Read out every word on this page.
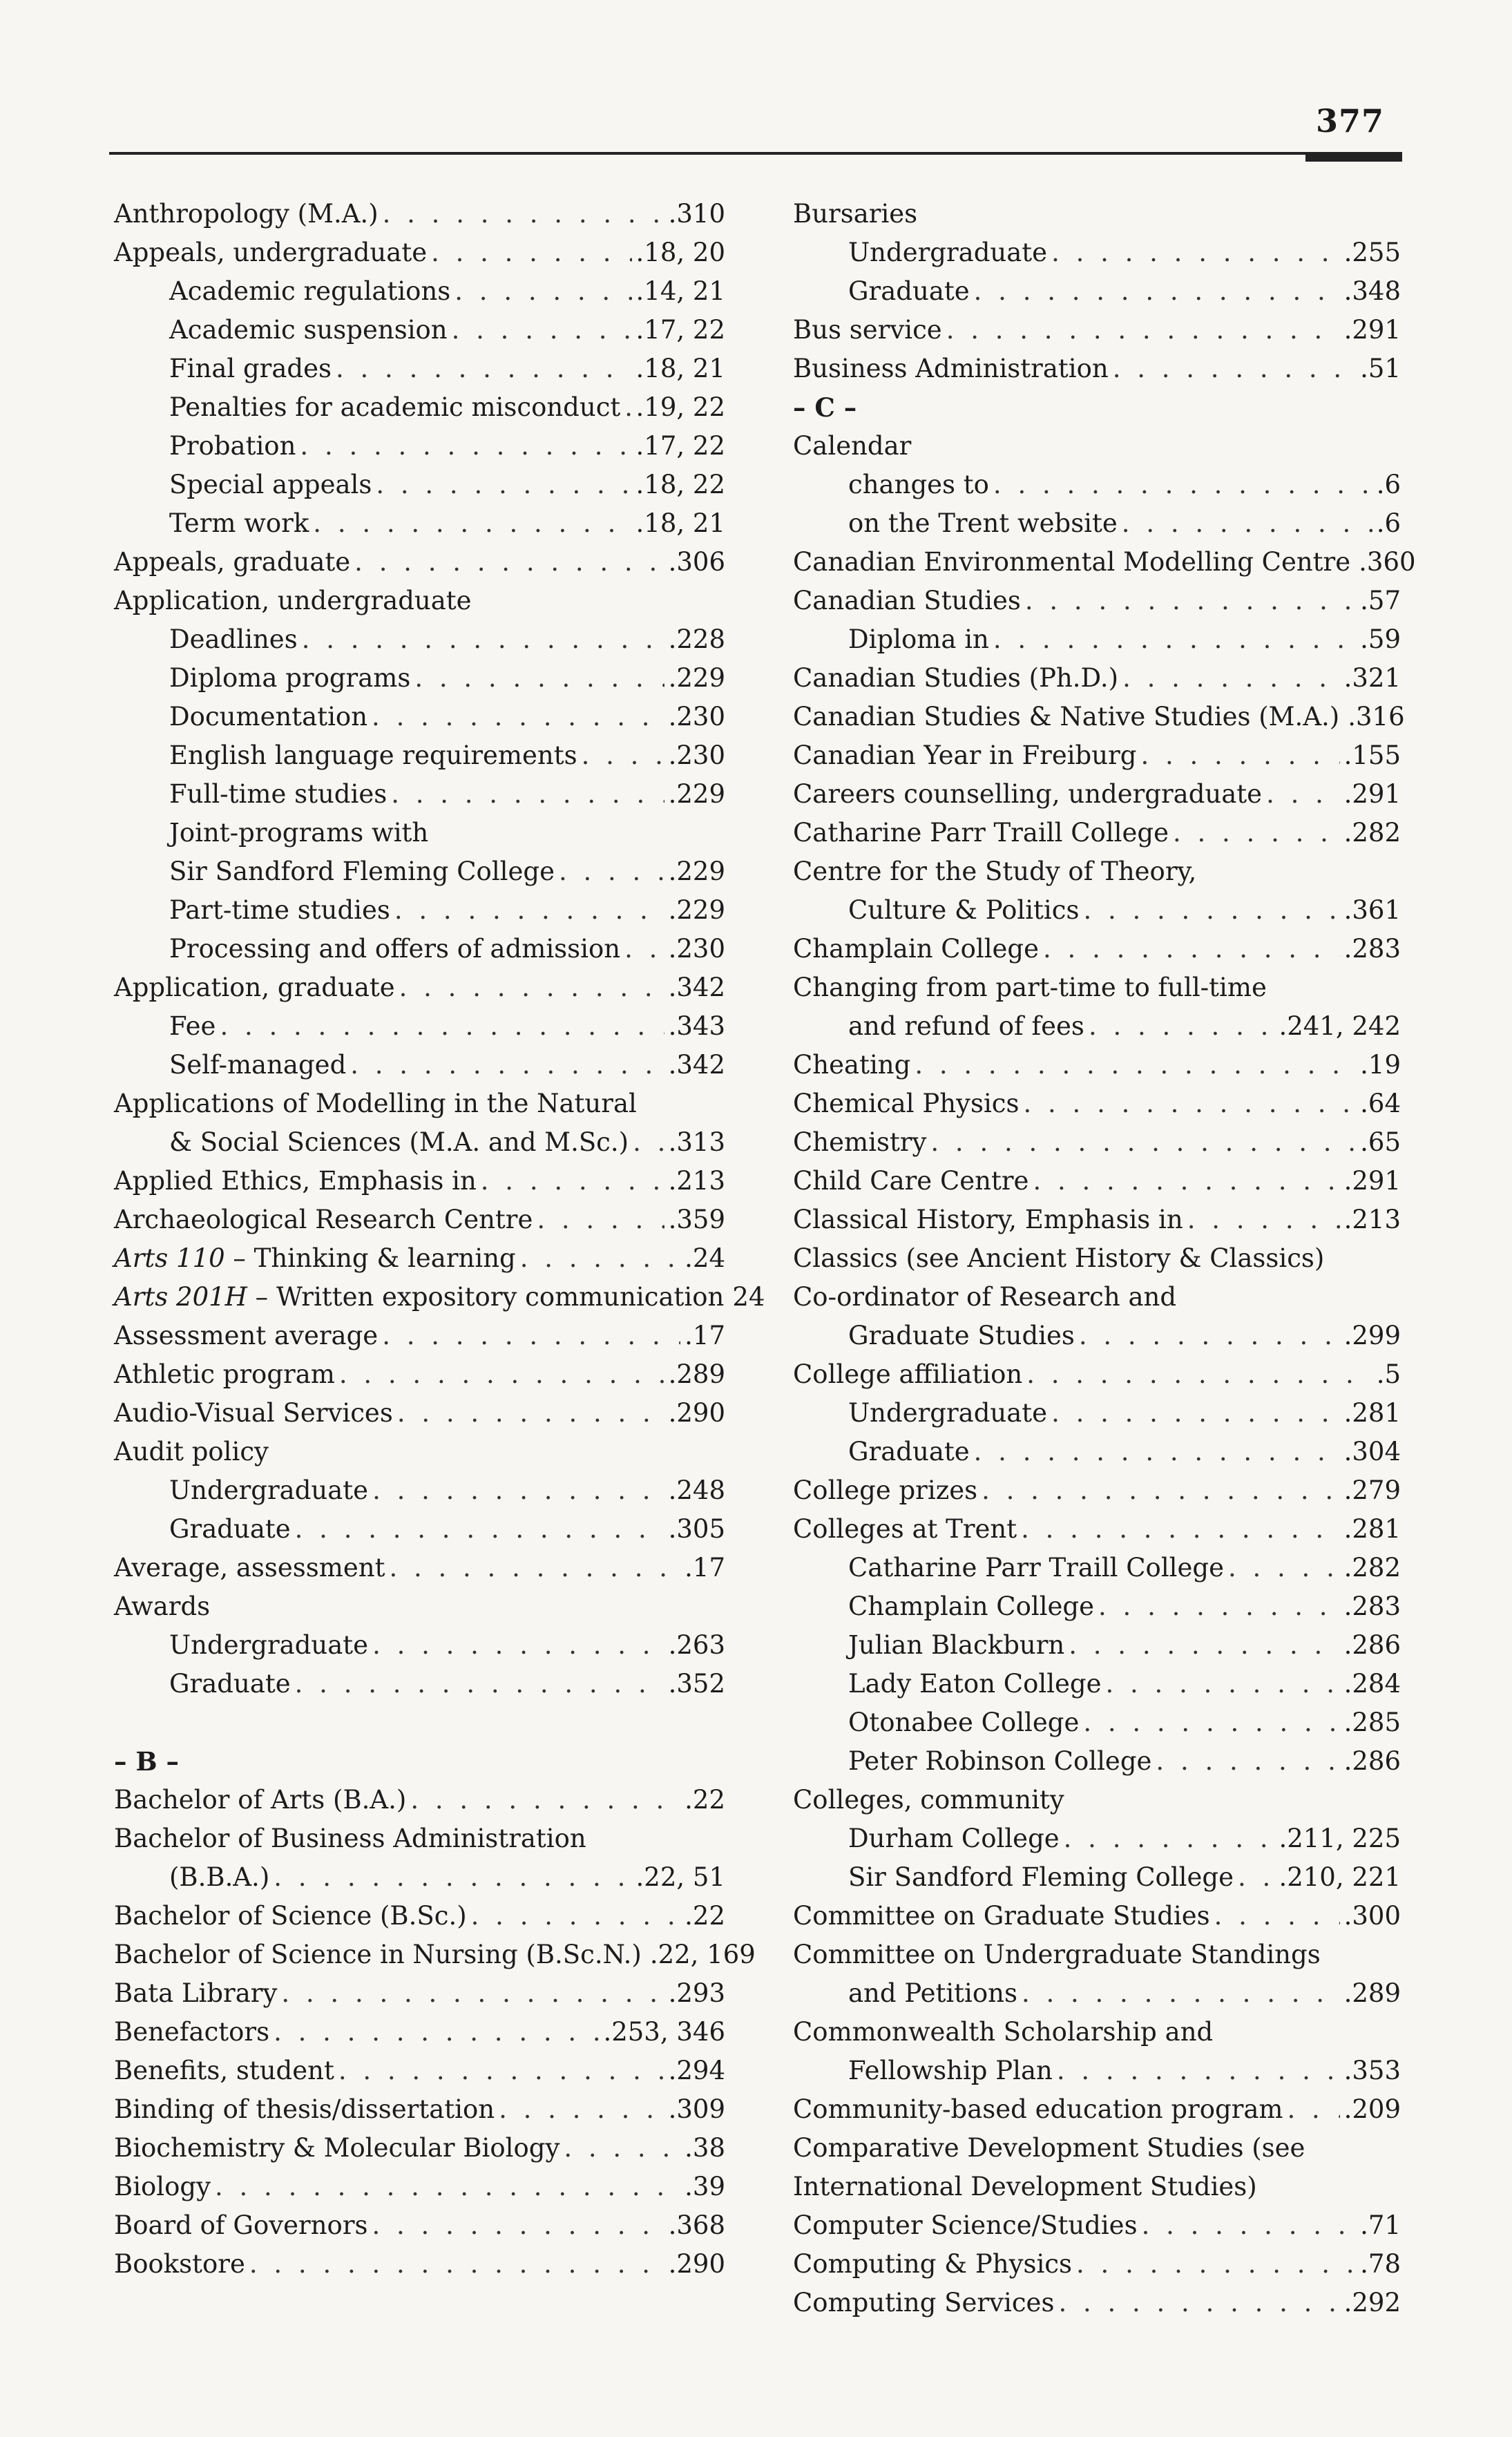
377
Anthropology (M.A.) . . .	.310
Appeals, undergraduate . . .	.18, 20
Academic regulations . . .	.14, 21
Academic suspension . . .	.17, 22
Final grades . . .	.18, 21
Penalties for academic misconduct . . . .19, 22
Probation . . .	.17, 22
Special appeals . . .	.18, 22
Term work . . .	.18, 21
Appeals, graduate . . .	.306
Application, undergraduate
Deadlines . . .	.228
Diploma programs . . .	.229
Documentation . . .	.230
English language requirements . . .	.230
Full-time studies . . .	.229
Joint-programs with
Sir Sandford Fleming College . . .	.229
Part-time studies . . .	.229
Processing and offers of admission . . . .230
Application, graduate . . .	.342
Fee . . .	.343
Self-managed . . .	.342
Applications of Modelling in the Natural
& Social Sciences (M.A. and M.Sc.) . . . .313
Applied Ethics, Emphasis in . . .	.213
Archaeological Research Centre . . .	.359
Arts 110 – Thinking & learning . . .	.24
Arts 201H – Written expository communication 24
Assessment average . . .	.17
Athletic program . . .	.289
Audio-Visual Services . . .	.290
Audit policy
Undergraduate . . .	.248
Graduate . . .	.305
Average, assessment . . .	.17
Awards
Undergraduate . . .	.263
Graduate . . .	.352
– B –
Bachelor of Arts (B.A.) . . .	.22
Bachelor of Business Administration
(B.B.A.) . . .	.22, 51
Bachelor of Science (B.Sc.) . . .	.22
Bachelor of Science in Nursing (B.Sc.N.) .22, 169
Bata Library . . .	.293
Benefactors . . .	.253, 346
Benefits, student . . .	.294
Binding of thesis/dissertation . . .	.309
Biochemistry & Molecular Biology . . .	.38
Biology . . .	.39
Board of Governors . . .	.368
Bookstore . . .	.290
Bursaries
Undergraduate . . .	.255
Graduate . . .	.348
Bus service . . .	.291
Business Administration . . .	.51
– C –
Calendar
changes to . . .	.6
on the Trent website . . .	.6
Canadian Environmental Modelling Centre .360
Canadian Studies . . .	.57
Diploma in . . .	.59
Canadian Studies (Ph.D.) . . .	.321
Canadian Studies & Native Studies (M.A.) .316
Canadian Year in Freiburg . . .	.155
Careers counselling, undergraduate . . .	.291
Catharine Parr Traill College . . .	.282
Centre for the Study of Theory,
Culture & Politics . . .	.361
Champlain College . . .	.283
Changing from part-time to full-time
and refund of fees . . .	.241, 242
Cheating . . .	.19
Chemical Physics . . .	.64
Chemistry . . .	.65
Child Care Centre . . .	.291
Classical History, Emphasis in . . .	.213
Classics (see Ancient History & Classics)
Co-ordinator of Research and
Graduate Studies . . .	.299
College affiliation . . .	.5
Undergraduate . . .	.281
Graduate . . .	.304
College prizes . . .	.279
Colleges at Trent . . .	.281
Catharine Parr Traill College . . .	.282
Champlain College . . .	.283
Julian Blackburn . . .	.286
Lady Eaton College . . .	.284
Otonabee College . . .	.285
Peter Robinson College . . .	.286
Colleges, community
Durham College . . .	.211, 225
Sir Sandford Fleming College . . . .210, 221
Committee on Graduate Studies . . .	.300
Committee on Undergraduate Standings
and Petitions . . .	.289
Commonwealth Scholarship and
Fellowship Plan . . .	.353
Community-based education program . . . .209
Comparative Development Studies (see
International Development Studies)
Computer Science/Studies . . .	.71
Computing & Physics . . .	.78
Computing Services . . .	.292
